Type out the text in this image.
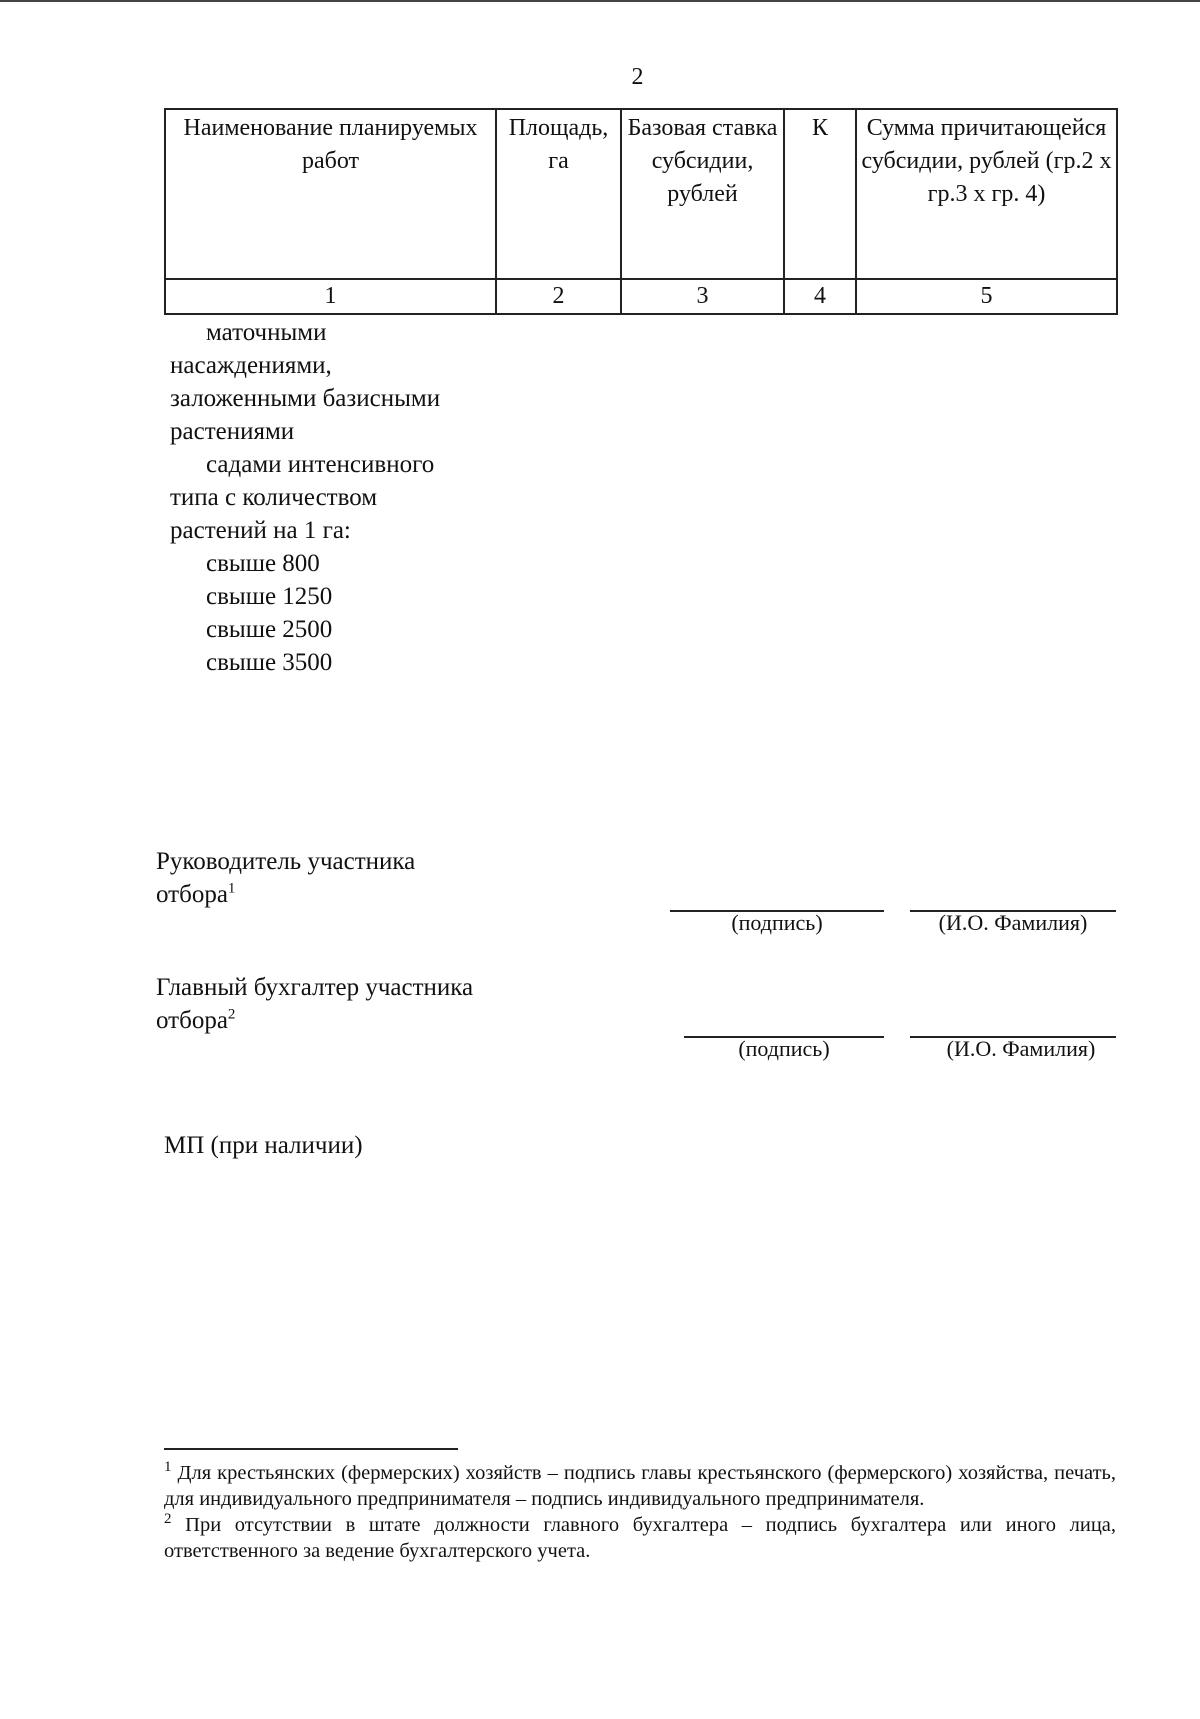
2
Наименование планируемых работ	Площадь, га	Базовая ставка субсидии, рублей	К	Сумма причитающейся субсидии, рублей (гр.2 х гр.3 х гр. 4)
1	2	3	4	5
маточными
насаждениями,
заложенными базисными
растениями
садами интенсивного
типа с количеством
растений на 1 га:
свыше 800
свыше 1250
свыше 2500
свыше 3500
Руководитель участника
отбора$^1$
(подпись)	(И.О. Фамилия)
Главный бухгалтер участника
отбора$^2$
(подпись)	(И.О. Фамилия)
МП (при наличии)

$^1$ Для крестьянских (фермерских) хозяйств – подпись главы крестьянского (фермерского) хозяйства, печать, для индивидуального предпринимателя – подпись индивидуального предпринимателя.

$^2$ При отсутствии в штате должности главного бухгалтера – подпись бухгалтера или иного лица, ответственного за ведение бухгалтерского учета.
